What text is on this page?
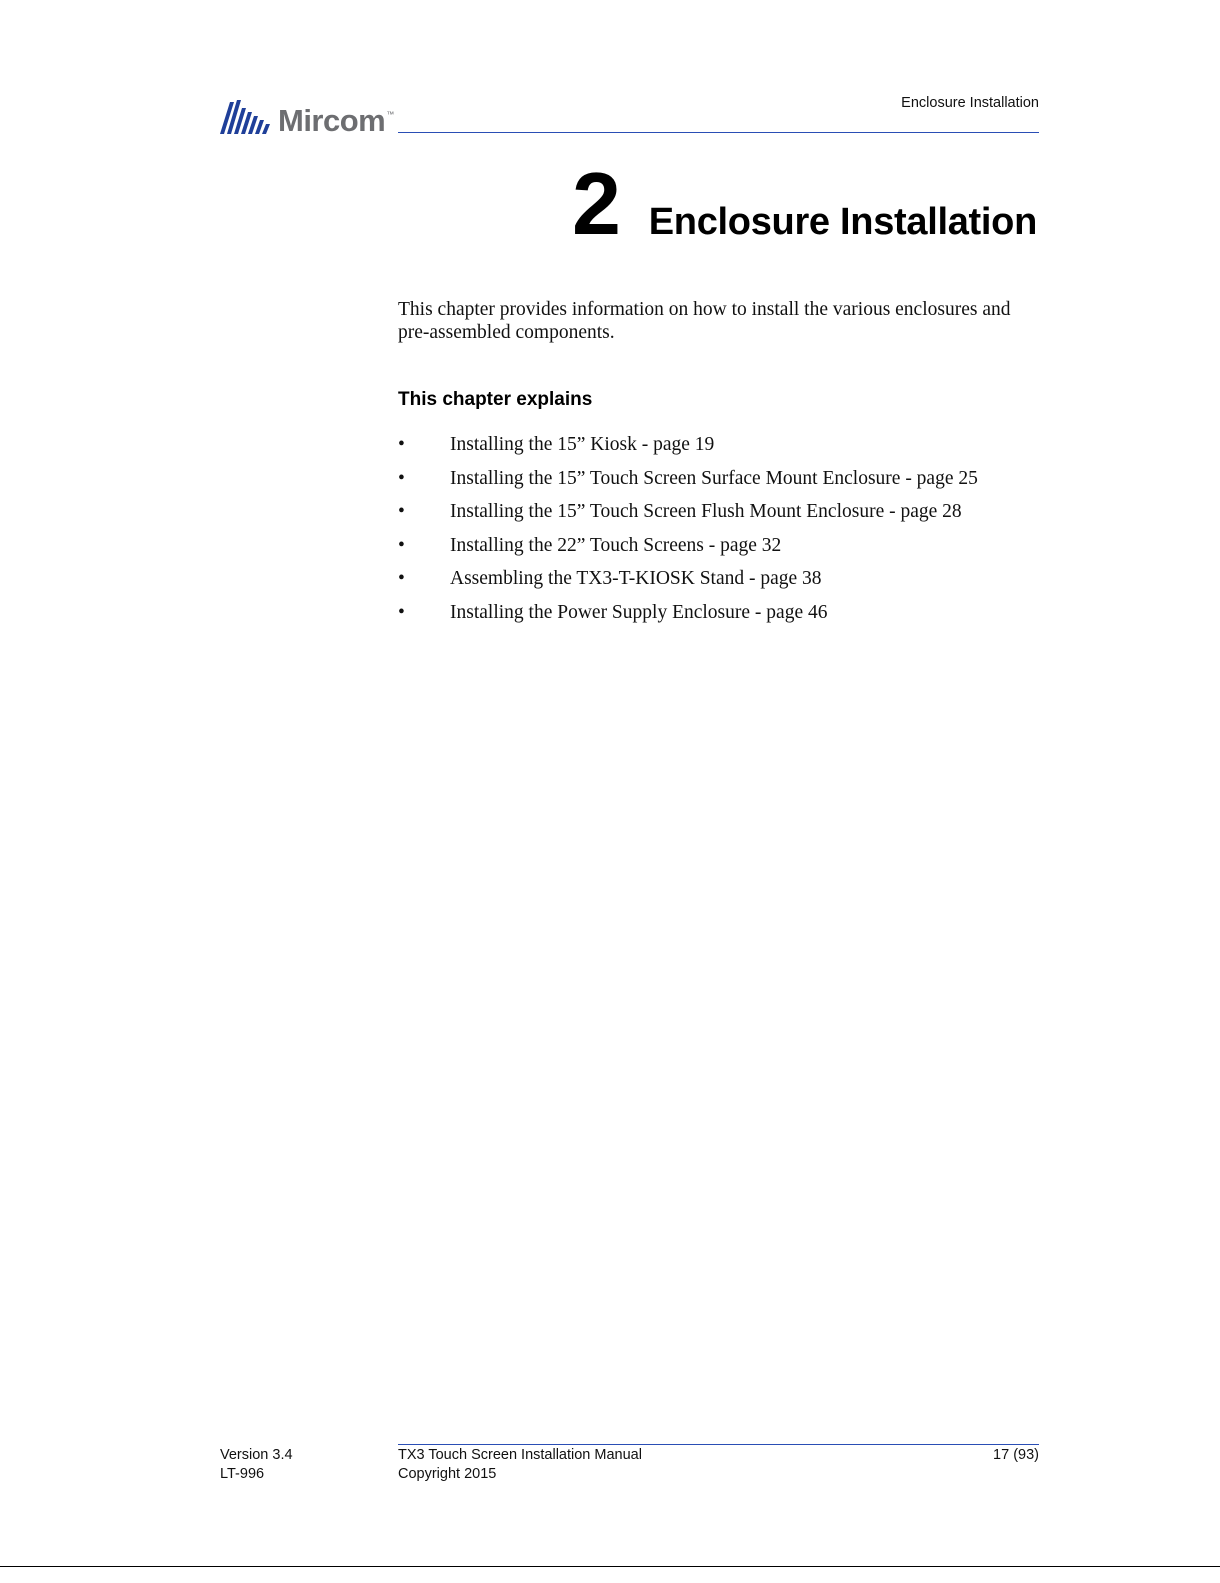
Mircom ™
Enclosure Installation
2 Enclosure Installation

This chapter provides information on how to install the various enclosures and pre-assembled components.

This chapter explains
•	Installing the 15” Kiosk - page 19
•	Installing the 15” Touch Screen Surface Mount Enclosure - page 25
•	Installing the 15” Touch Screen Flush Mount Enclosure - page 28
•	Installing the 22” Touch Screens - page 32
•	Assembling the TX3-T-KIOSK Stand - page 38
•	Installing the Power Supply Enclosure - page 46
Version 3.4
LT-996
TX3 Touch Screen Installation Manual
Copyright 2015
17 (93)
